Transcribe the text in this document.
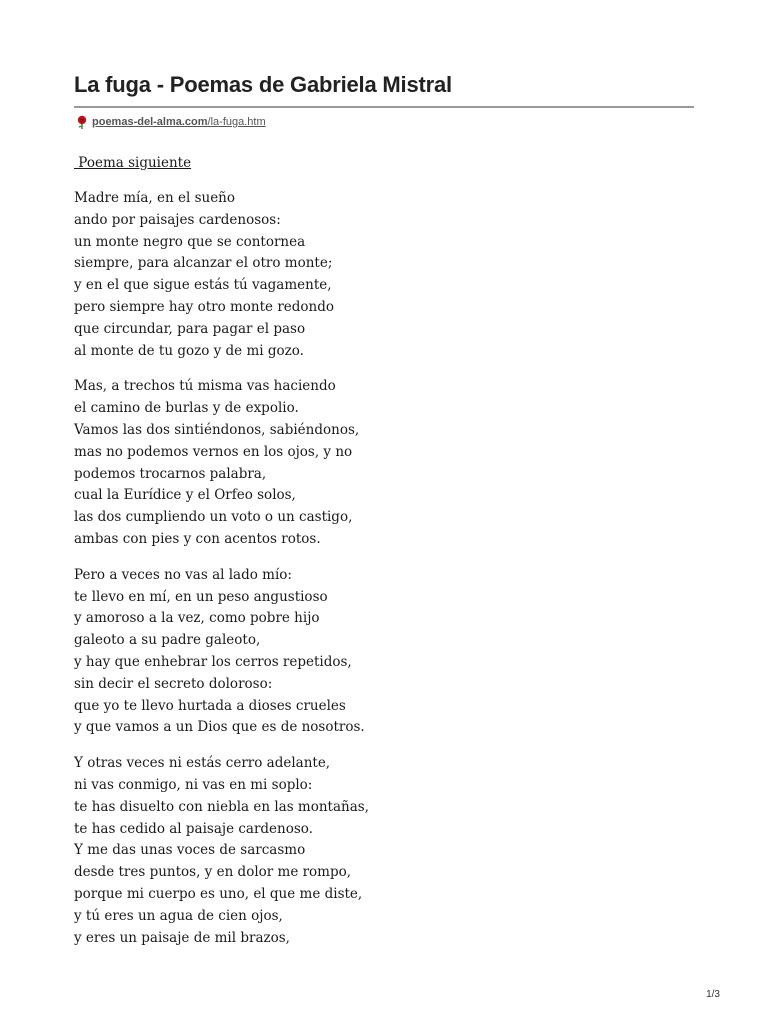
La fuga - Poemas de Gabriela Mistral
poemas-del-alma.com/la-fuga.htm
Poema siguiente
Madre mía, en el sueño
ando por paisajes cardenosos:
un monte negro que se contornea
siempre, para alcanzar el otro monte;
y en el que sigue estás tú vagamente,
pero siempre hay otro monte redondo
que circundar, para pagar el paso
al monte de tu gozo y de mi gozo.
Mas, a trechos tú misma vas haciendo
el camino de burlas y de expolio.
Vamos las dos sintiéndonos, sabiéndonos,
mas no podemos vernos en los ojos, y no
podemos trocarnos palabra,
cual la Eurídice y el Orfeo solos,
las dos cumpliendo un voto o un castigo,
ambas con pies y con acentos rotos.
Pero a veces no vas al lado mío:
te llevo en mí, en un peso angustioso
y amoroso a la vez, como pobre hijo
galeoto a su padre galeoto,
y hay que enhebrar los cerros repetidos,
sin decir el secreto doloroso:
que yo te llevo hurtada a dioses crueles
y que vamos a un Dios que es de nosotros.
Y otras veces ni estás cerro adelante,
ni vas conmigo, ni vas en mi soplo:
te has disuelto con niebla en las montañas,
te has cedido al paisaje cardenoso.
Y me das unas voces de sarcasmo
desde tres puntos, y en dolor me rompo,
porque mi cuerpo es uno, el que me diste,
y tú eres un agua de cien ojos,
y eres un paisaje de mil brazos,
1/3
